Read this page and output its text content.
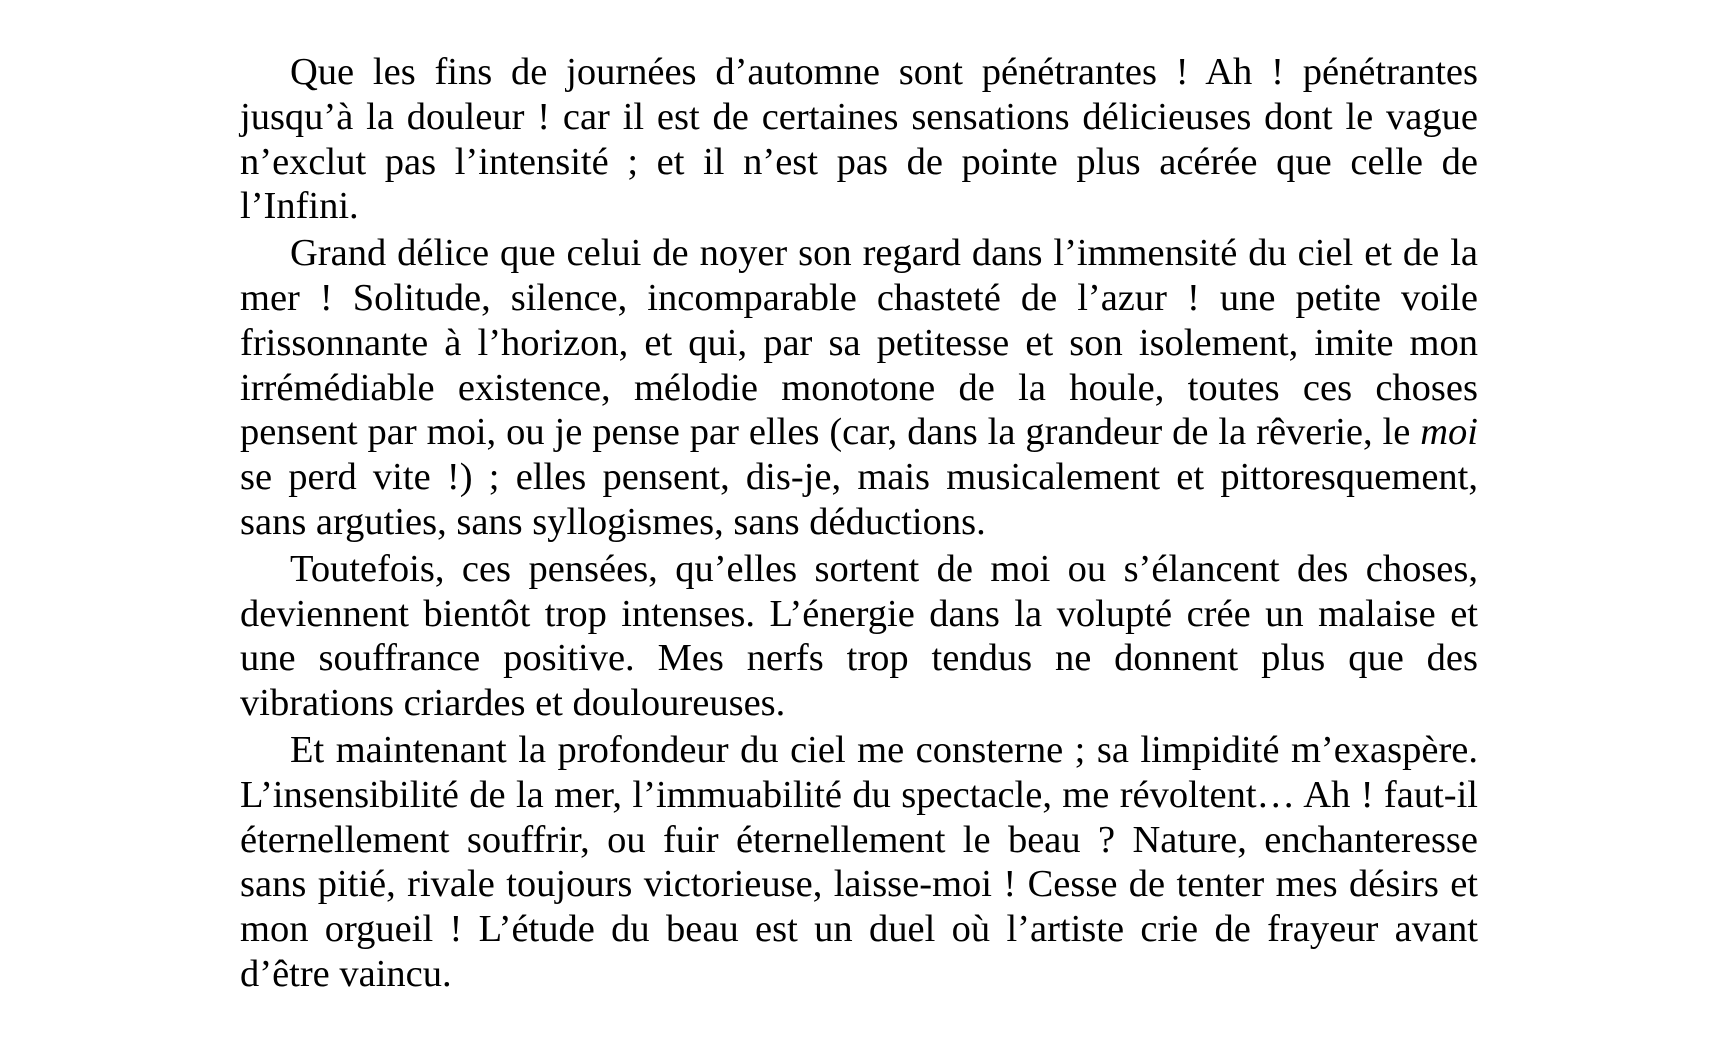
Que les fins de journées d’automne sont pénétrantes ! Ah ! pénétrantes jusqu’à la douleur ! car il est de certaines sensations délicieuses dont le vague n’exclut pas l’intensité ; et il n’est pas de pointe plus acérée que celle de l’Infini.

Grand délice que celui de noyer son regard dans l’immensité du ciel et de la mer ! Solitude, silence, incomparable chasteté de l’azur ! une petite voile frissonnante à l’horizon, et qui, par sa petitesse et son isolement, imite mon irrémédiable existence, mélodie monotone de la houle, toutes ces choses pensent par moi, ou je pense par elles (car, dans la grandeur de la rêverie, le moi se perd vite !) ; elles pensent, dis-je, mais musicalement et pittoresquement, sans arguties, sans syllogismes, sans déductions.

Toutefois, ces pensées, qu’elles sortent de moi ou s’élancent des choses, deviennent bientôt trop intenses. L’énergie dans la volupté crée un malaise et une souffrance positive. Mes nerfs trop tendus ne donnent plus que des vibrations criardes et douloureuses.

Et maintenant la profondeur du ciel me consterne ; sa limpidité m’exaspère. L’insensibilité de la mer, l’immuabilité du spectacle, me révoltent… Ah ! faut-il éternellement souffrir, ou fuir éternellement le beau ? Nature, enchanteresse sans pitié, rivale toujours victorieuse, laisse-moi ! Cesse de tenter mes désirs et mon orgueil ! L’étude du beau est un duel où l’artiste crie de frayeur avant d’être vaincu.
